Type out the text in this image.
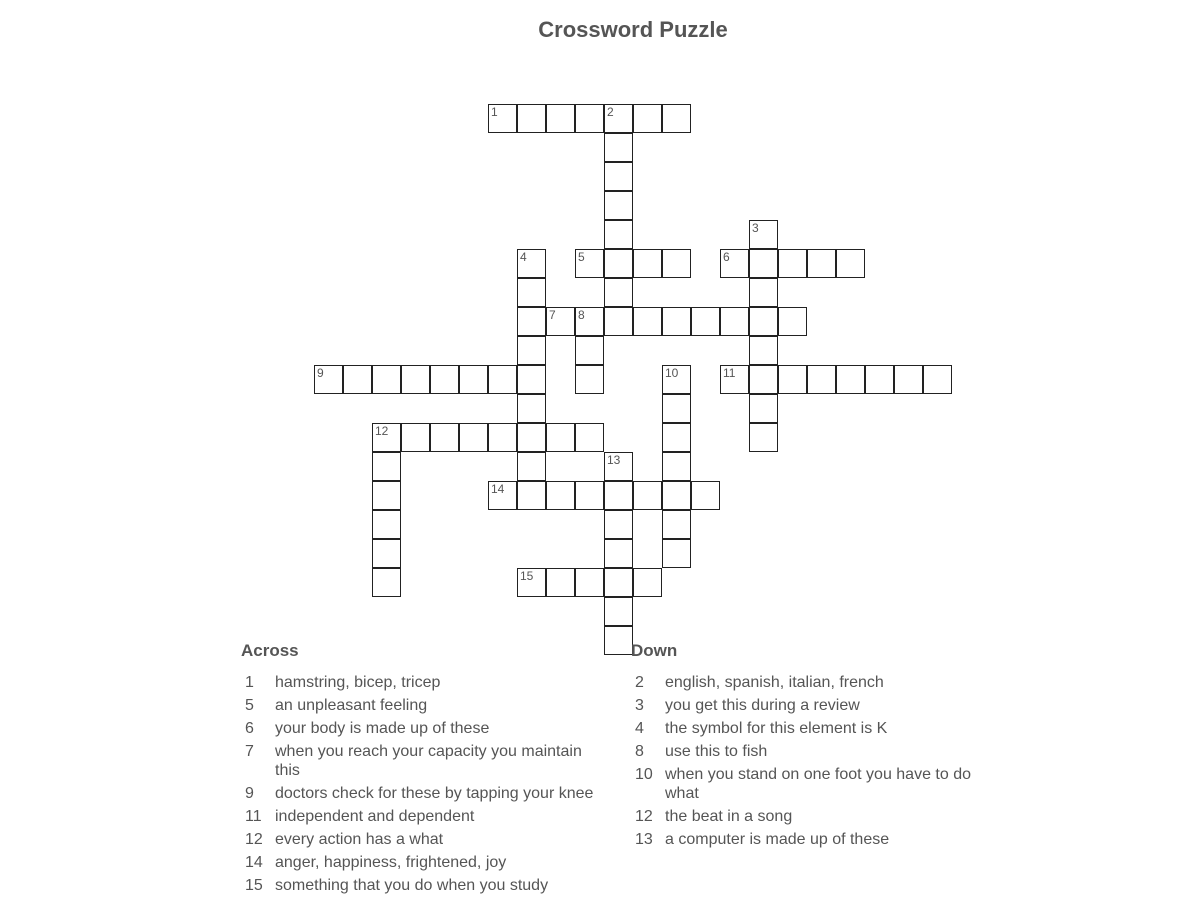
Crossword Puzzle
1	2
5	6
7 8
9	11
12
14
15
3
4
10
13
Across
1	hamstring, bicep, tricep
5	an unpleasant feeling
6	your body is made up of these
7	when you reach your capacity you maintain this
9	doctors check for these by tapping your knee
11 independent and dependent
12 every action has a what
14 anger, happiness, frightened, joy
15 something that you do when you study
Down
2	english, spanish, italian, french
3	you get this during a review
4	the symbol for this element is K
8	use this to fish
10 when you stand on one foot you have to do what
12 the beat in a song
13 a computer is made up of these
